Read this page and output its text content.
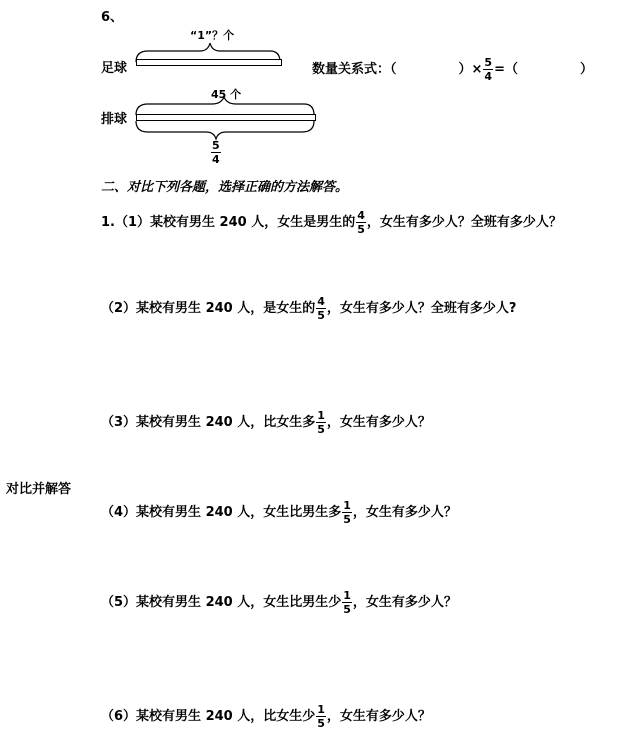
6、
“1”？个
足球	数量关系式：（	）× $\frac{5}{4}$ =（	）
45 个
排球
$\frac{5}{4}$
二、对比下列各题，选择正确的方法解答。
对比并解答
1.（1）某校有男生 240 人，女生是男生的 $\frac{4}{5}$ ，女生有多少人？全班有多少人？
（2）某校有男生 240 人，是女生的 $\frac{4}{5}$ ，女生有多少人？全班有多少人?
（3）某校有男生 240 人，比女生多 $\frac{1}{5}$ ，女生有多少人？
（4）某校有男生 240 人，女生比男生多 $\frac{1}{5}$ ，女生有多少人？
（5）某校有男生 240 人，女生比男生少 $\frac{1}{5}$ ，女生有多少人？
（6）某校有男生 240 人，比女生少 $\frac{1}{5}$ ，女生有多少人？
